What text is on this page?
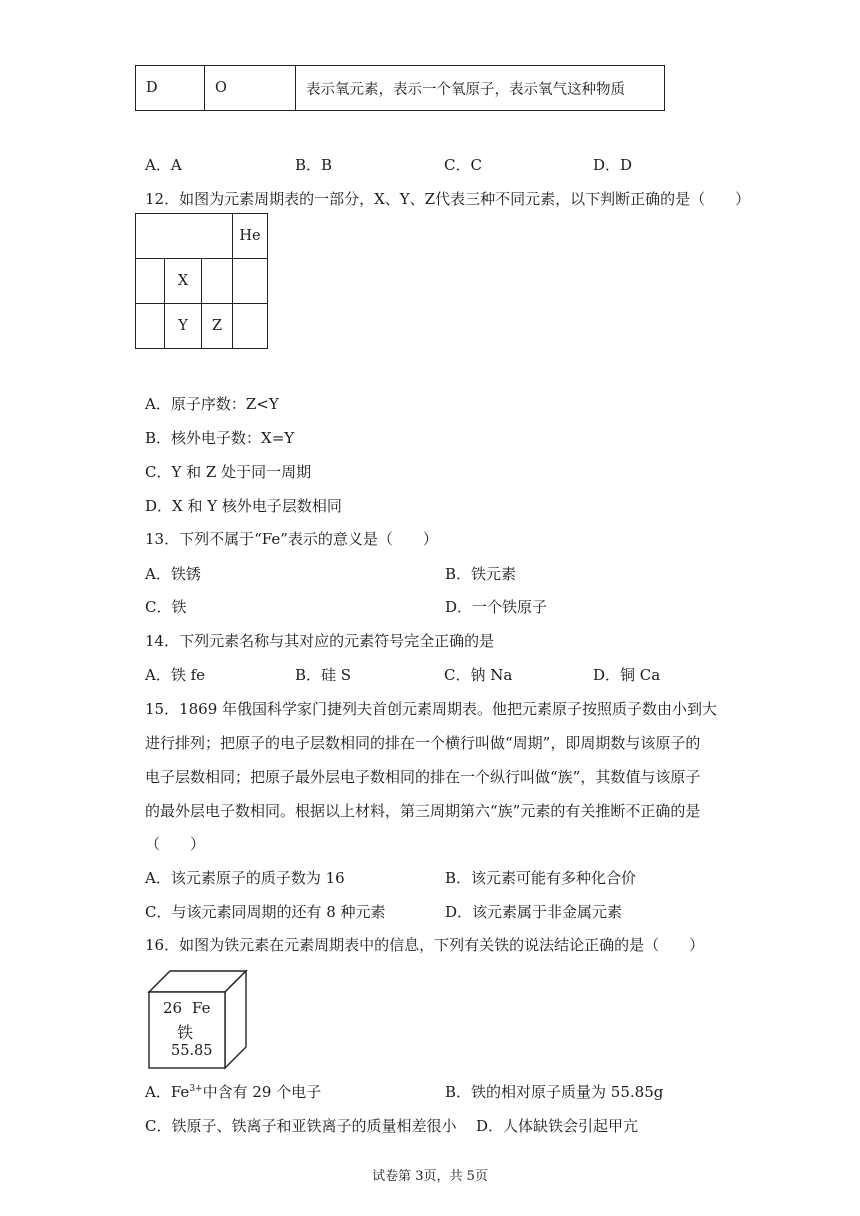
D	O	表示氧元素，表示一个氧原子，表示氧气这种物质
A．A	B．B	C．C	D．D
12．如图为元素周期表的一部分，X、Y、Z代表三种不同元素，以下判断正确的是（　　）
			He
	X		
	Y	Z	
A．原子序数：Z<Y
B．核外电子数：X=Y
C．Y 和 Z 处于同一周期
D．X 和 Y 核外电子层数相同
13．下列不属于“Fe”表示的意义是（　　）
A．铁锈	B．铁元素
C．铁	D．一个铁原子
14．下列元素名称与其对应的元素符号完全正确的是
A．铁 fe	B．硅 S	C．钠 Na	D．铜 Ca
15．1869 年俄国科学家门捷列夫首创元素周期表。他把元素原子按照质子数由小到大
进行排列；把原子的电子层数相同的排在一个横行叫做“周期”，即周期数与该原子的
电子层数相同；把原子最外层电子数相同的排在一个纵行叫做“族”，其数值与该原子
的最外层电子数相同。根据以上材料，第三周期第六“族”元素的有关推断不正确的是
（　　）
A．该元素原子的质子数为 16	B．该元素可能有多种化合价
C．与该元素同周期的还有 8 种元素	D．该元素属于非金属元素
16．如图为铁元素在元素周期表中的信息，下列有关铁的说法结论正确的是（　　）
26 Fe
铁
55.85
A．$Fe^{3+}$中含有 29 个电子	B．铁的相对原子质量为 55.85g
C．铁原子、铁离子和亚铁离子的质量相差很小 D．人体缺铁会引起甲亢
试卷第 3页，共 5页
